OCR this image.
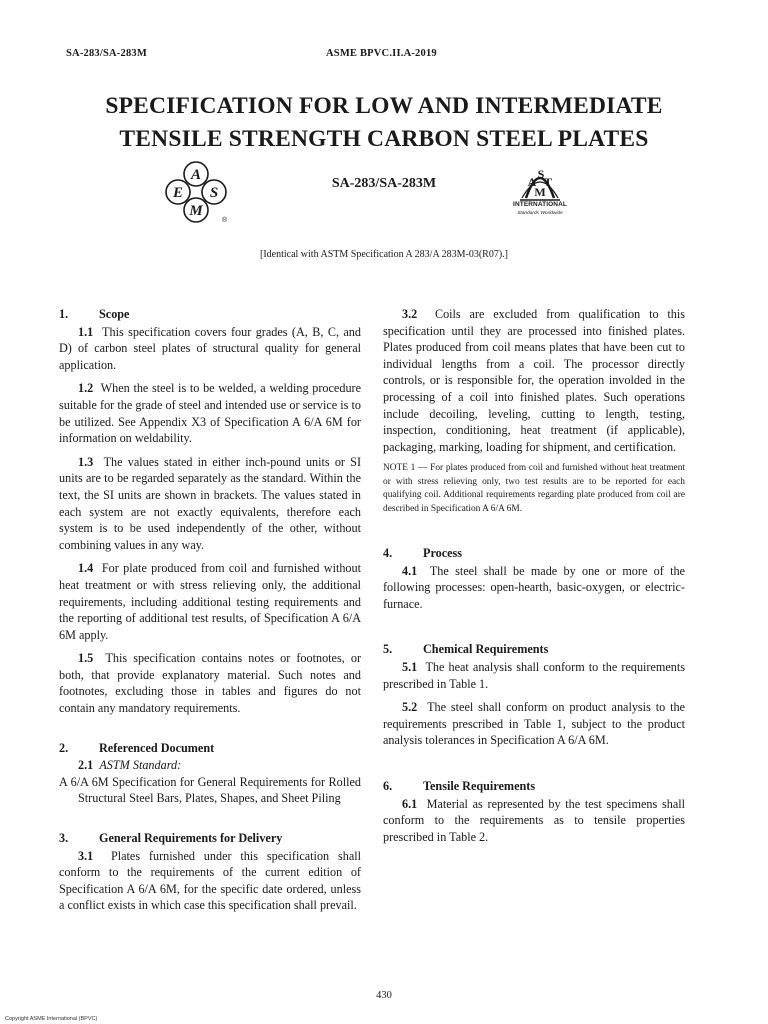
SA-283/SA-283M	ASME BPVC.II.A-2019
SPECIFICATION FOR LOW AND INTERMEDIATE
TENSILE STRENGTH CARBON STEEL PLATES
A
E S
M
®
SA-283/SA-283M	A
S
T
M
INTERNATIONAL
Standards Worldwide
[Identical with ASTM Specification A 283/A 283M-03(R07).]
1.	Scope

1.1 This specification covers four grades (A, B, C, and D) of carbon steel plates of structural quality for general application.

1.2 When the steel is to be welded, a welding procedure suitable for the grade of steel and intended use or service is to be utilized. See Appendix X3 of Specification A 6/A 6M for information on weldability.

1.3 The values stated in either inch-pound units or SI units are to be regarded separately as the standard. Within the text, the SI units are shown in brackets. The values stated in each system are not exactly equivalents, therefore each system is to be used independently of the other, without combining values in any way.

1.4 For plate produced from coil and furnished without heat treatment or with stress relieving only, the additional requirements, including additional testing requirements and the reporting of additional test results, of Specification A 6/A 6M apply.

1.5 This specification contains notes or footnotes, or both, that provide explanatory material. Such notes and footnotes, excluding those in tables and figures do not contain any mandatory requirements.

2.	Referenced Document

2.1 ASTM Standard:

A 6/A 6M Specification for General Requirements for Rolled Structural Steel Bars, Plates, Shapes, and Sheet Piling

3.	General Requirements for Delivery

3.1 Plates furnished under this specification shall conform to the requirements of the current edition of Specification A 6/A 6M, for the specific date ordered, unless a conflict exists in which case this specification shall prevail.

3.2 Coils are excluded from qualification to this specification until they are processed into finished plates. Plates produced from coil means plates that have been cut to individual lengths from a coil. The processor directly controls, or is responsible for, the operation involded in the processing of a coil into finished plates. Such operations include decoiling, leveling, cutting to length, testing, inspection, conditioning, heat treatment (if applicable), packaging, marking, loading for shipment, and certification.

NOTE 1 — For plates produced from coil and furnished without heat treatment or with stress relieving only, two test results are to be reported for each qualifying coil. Additional requirements regarding plate produced from coil are described in Specification A 6/A 6M.
4.	Process

4.1 The steel shall be made by one or more of the following processes: open-hearth, basic-oxygen, or electric-furnace.

5.	Chemical Requirements

5.1 The heat analysis shall conform to the requirements prescribed in Table 1.

5.2 The steel shall conform on product analysis to the requirements prescribed in Table 1, subject to the product analysis tolerances in Specification A 6/A 6M.

6.	Tensile Requirements

6.1 Material as represented by the test specimens shall conform to the requirements as to tensile properties prescribed in Table 2.

430
Copyright ASME International (BPVC)
